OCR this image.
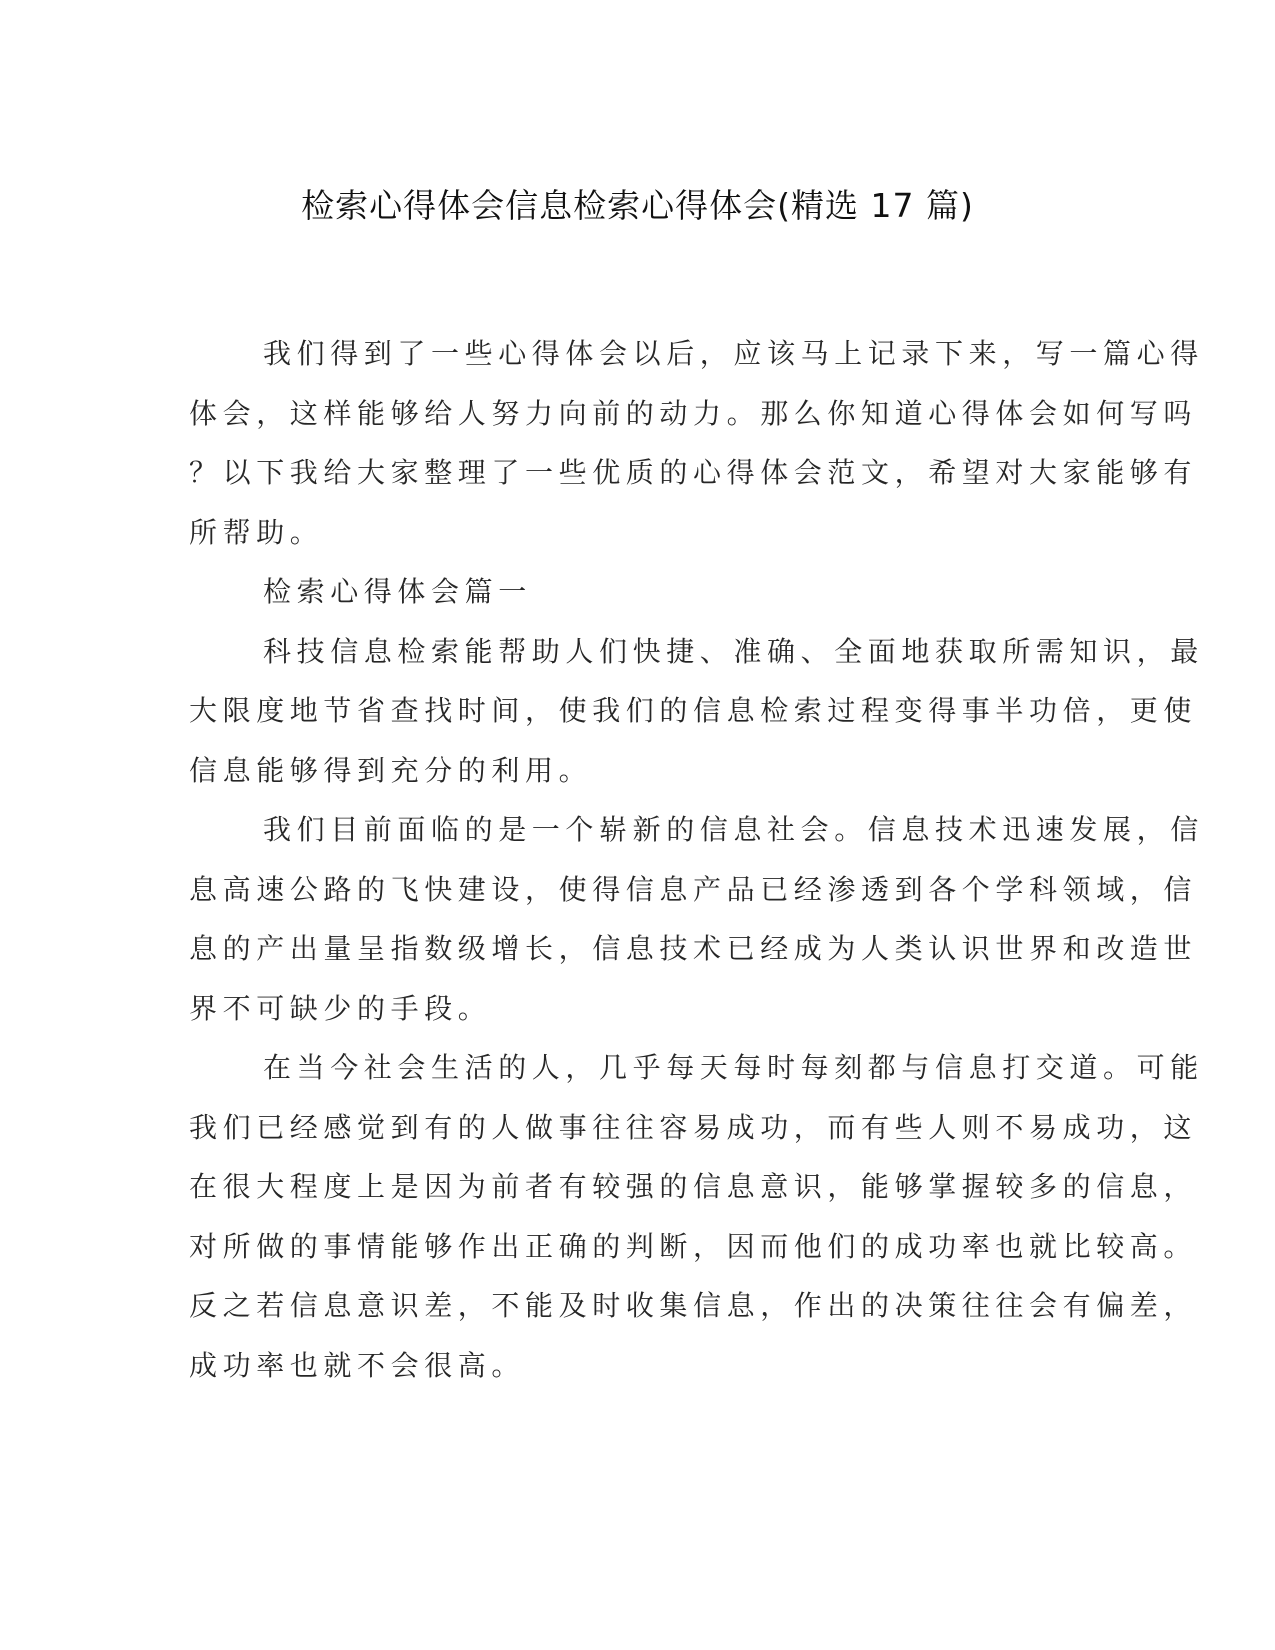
检索心得体会信息检索心得体会(精选 17 篇)
我们得到了一些心得体会以后，应该马上记录下来，写一篇心得
体会，这样能够给人努力向前的动力。那么你知道心得体会如何写吗
？以下我给大家整理了一些优质的心得体会范文，希望对大家能够有
所帮助。
检索心得体会篇一
科技信息检索能帮助人们快捷、准确、全面地获取所需知识，最
大限度地节省查找时间，使我们的信息检索过程变得事半功倍，更使
信息能够得到充分的利用。
我们目前面临的是一个崭新的信息社会。信息技术迅速发展，信
息高速公路的飞快建设，使得信息产品已经渗透到各个学科领域，信
息的产出量呈指数级增长，信息技术已经成为人类认识世界和改造世
界不可缺少的手段。
在当今社会生活的人，几乎每天每时每刻都与信息打交道。可能
我们已经感觉到有的人做事往往容易成功，而有些人则不易成功，这
在很大程度上是因为前者有较强的信息意识，能够掌握较多的信息，
对所做的事情能够作出正确的判断，因而他们的成功率也就比较高。
反之若信息意识差，不能及时收集信息，作出的决策往往会有偏差，
成功率也就不会很高。
